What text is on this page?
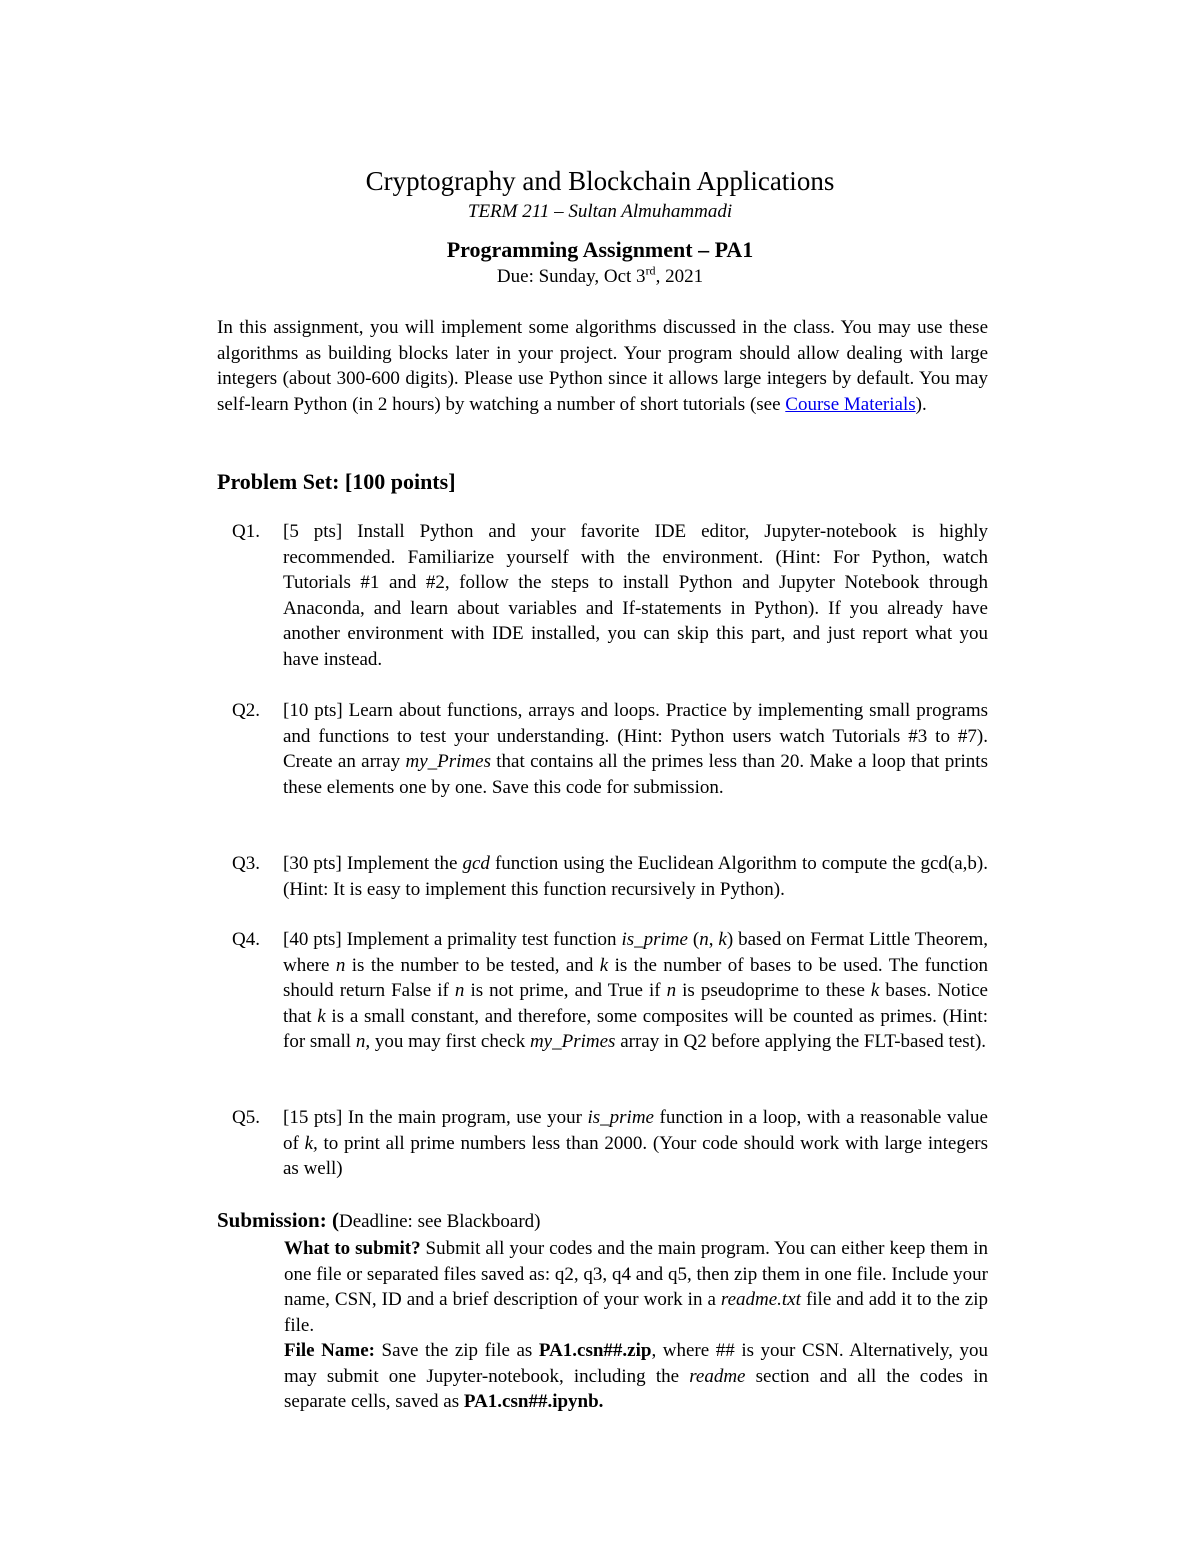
Cryptography and Blockchain Applications
TERM 211 – Sultan Almuhammadi
Programming Assignment – PA1
Due: Sunday, Oct 3rd, 2021

In this assignment, you will implement some algorithms discussed in the class. You may use these algorithms as building blocks later in your project. Your program should allow dealing with large integers (about 300-600 digits). Please use Python since it allows large integers by default. You may self-learn Python (in 2 hours) by watching a number of short tutorials (see Course Materials).

Problem Set: [100 points]
Q1.	[5 pts] Install Python and your favorite IDE editor, Jupyter-notebook is highly recommended. Familiarize yourself with the environment. (Hint: For Python, watch Tutorials #1 and #2, follow the steps to install Python and Jupyter Notebook through Anaconda, and learn about variables and If-statements in Python). If you already have another environment with IDE installed, you can skip this part, and just report what you have instead.
Q2.	[10 pts] Learn about functions, arrays and loops. Practice by implementing small programs and functions to test your understanding. (Hint: Python users watch Tutorials #3 to #7). Create an array my_Primes that contains all the primes less than 20. Make a loop that prints these elements one by one. Save this code for submission.
Q3.	[30 pts] Implement the gcd function using the Euclidean Algorithm to compute the gcd(a,b). (Hint: It is easy to implement this function recursively in Python).
Q4.	[40 pts] Implement a primality test function is_prime (n, k) based on Fermat Little Theorem, where n is the number to be tested, and k is the number of bases to be used. The function should return False if n is not prime, and True if n is pseudoprime to these k bases. Notice that k is a small constant, and therefore, some composites will be counted as primes. (Hint: for small n, you may first check my_Primes array in Q2 before applying the FLT-based test).
Q5.	[15 pts] In the main program, use your is_prime function in a loop, with a reasonable value of k, to print all prime numbers less than 2000. (Your code should work with large integers as well)
Submission: (Deadline: see Blackboard)

What to submit? Submit all your codes and the main program. You can either keep them in one file or separated files saved as: q2, q3, q4 and q5, then zip them in one file. Include your name, CSN, ID and a brief description of your work in a readme.txt file and add it to the zip file.
File Name: Save the zip file as PA1.csn##.zip, where ## is your CSN. Alternatively, you may submit one Jupyter-notebook, including the readme section and all the codes in separate cells, saved as PA1.csn##.ipynb.
